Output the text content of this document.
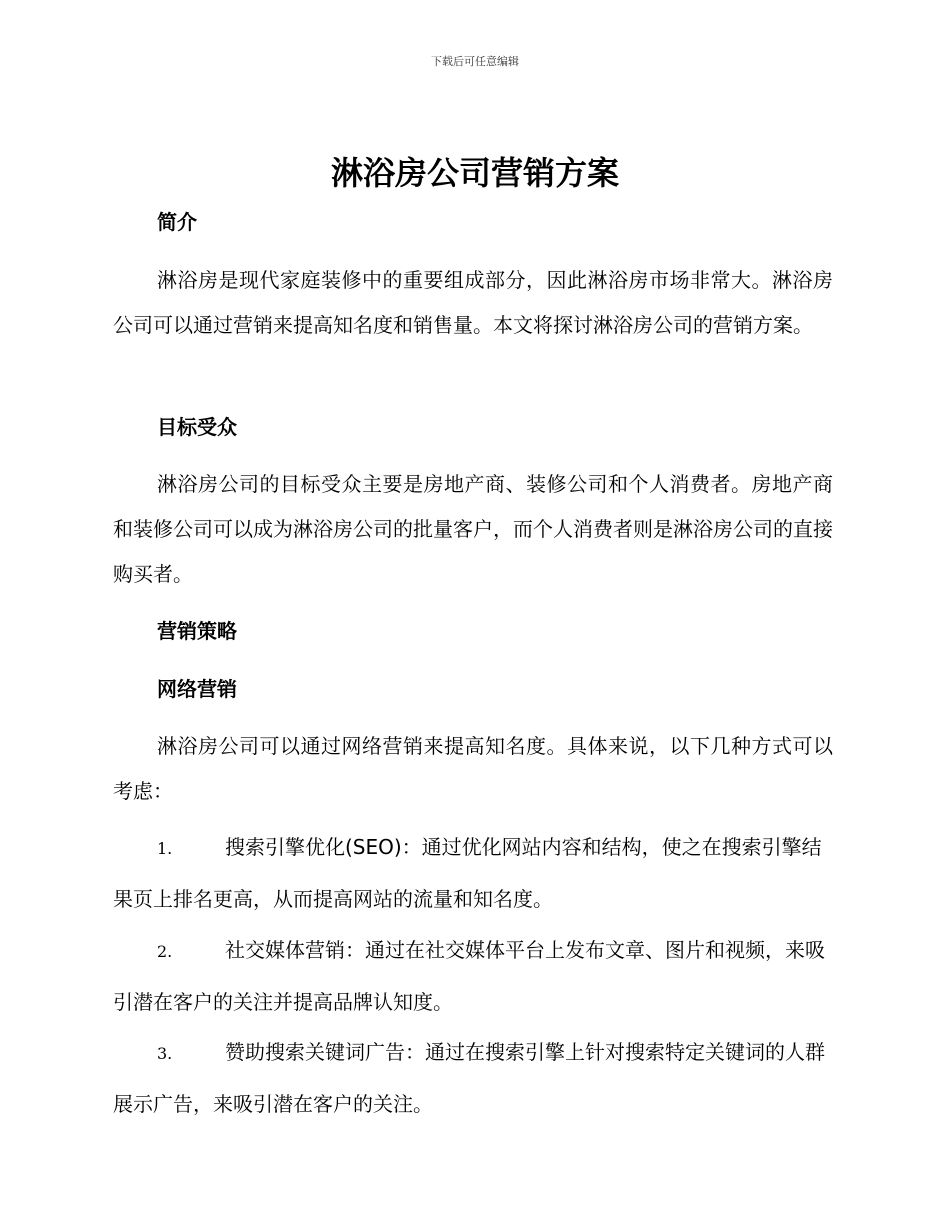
下载后可任意编辑
淋浴房公司营销方案
简介
淋浴房是现代家庭装修中的重要组成部分，因此淋浴房市场非常大。淋浴房公司可以通过营销来提高知名度和销售量。本文将探讨淋浴房公司的营销方案。
目标受众
淋浴房公司的目标受众主要是房地产商、装修公司和个人消费者。房地产商和装修公司可以成为淋浴房公司的批量客户，而个人消费者则是淋浴房公司的直接购买者。
营销策略
网络营销
淋浴房公司可以通过网络营销来提高知名度。具体来说，以下几种方式可以考虑：
1.	搜索引擎优化(SEO)：通过优化网站内容和结构，使之在搜索引擎结果页上排名更高，从而提高网站的流量和知名度。
2.	社交媒体营销：通过在社交媒体平台上发布文章、图片和视频，来吸引潜在客户的关注并提高品牌认知度。
3.	赞助搜索关键词广告：通过在搜索引擎上针对搜索特定关键词的人群展示广告，来吸引潜在客户的关注。
